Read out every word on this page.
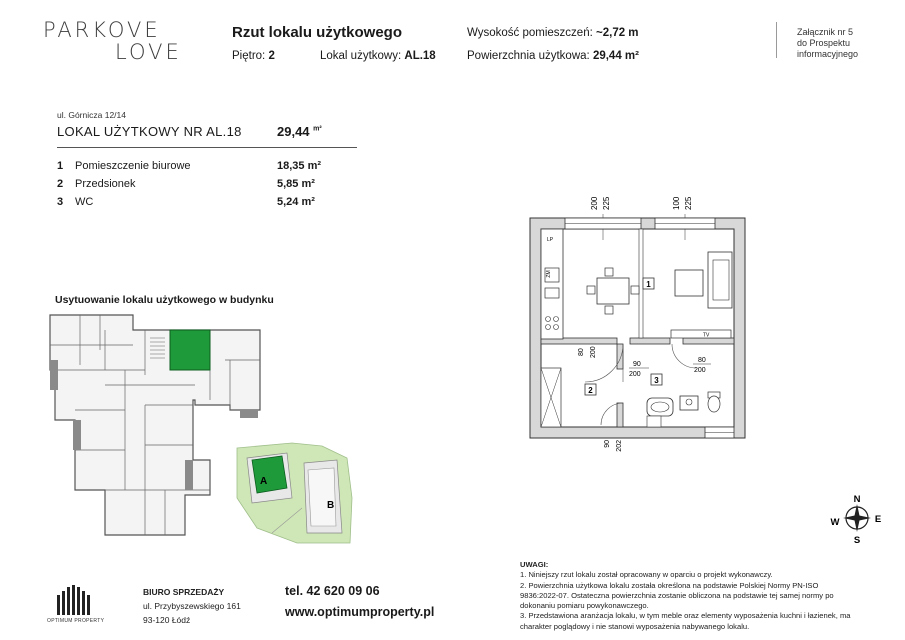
PARKOVE
LOVE
Rzut lokalu użytkowego
Piętro: 2	Lokal użytkowy: AL.18
Wysokość pomieszczeń: ~2,72 m
Powierzchnia użytkowa: 29,44 m²
Załącznik nr 5
do Prospektu
informacyjnego
ul. Górnicza 12/14
LOKAL UŻYTKOWY NR AL.18	29,44 $^{m^2}$
1 Pomieszczenie biurowe	18,35 m²
2 Przedsionek	5,85 m²
3 WC	5,24 m²
Usytuowanie lokalu użytkowego w budynku
A
B
200 225	100 225
ZM
LP
1
TV
80 200
90
200
80
200
2
3
90 202
N
E
S
W
OPTIMUM PROPERTY
BIURO SPRZEDAŻY
ul. Przybyszewskiego 161
93-120 Łódź
tel. 42 620 09 06
www.optimumproperty.pl
UWAGI:
1. Niniejszy rzut lokalu został opracowany w oparciu o projekt wykonawczy.
2. Powierzchnia użytkowa lokalu została określona na podstawie Polskiej Normy PN-ISO
9836:2022-07. Ostateczna powierzchnia zostanie obliczona na podstawie tej samej normy po
dokonaniu pomiaru powykonawczego.
3. Przedstawiona aranżacja lokalu, w tym meble oraz elementy wyposażenia kuchni i łazienek, ma
charakter poglądowy i nie stanowi wyposażenia nabywanego lokalu.
